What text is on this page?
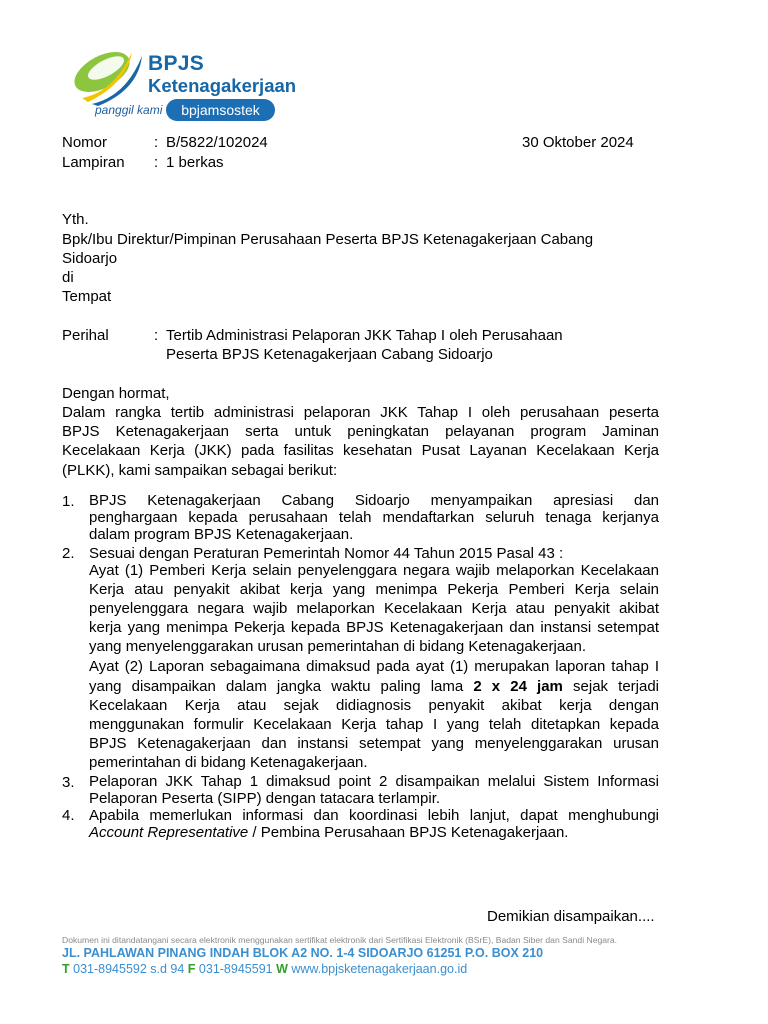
BPJS
Ketenagakerjaan
panggil kami	bpjamsostek
Nomor	: B/5822/102024	30 Oktober 2024
Lampiran : 1 berkas
Yth.
Bpk/Ibu Direktur/Pimpinan Perusahaan Peserta BPJS Ketenagakerjaan Cabang
Sidoarjo
di
Tempat
Perihal	: Tertib Administrasi Pelaporan JKK Tahap I oleh Perusahaan
Peserta BPJS Ketenagakerjaan Cabang Sidoarjo
Dengan hormat,
Dalam rangka tertib administrasi pelaporan JKK Tahap I oleh perusahaan peserta
BPJS Ketenagakerjaan serta untuk peningkatan pelayanan program Jaminan
Kecelakaan Kerja (JKK) pada fasilitas kesehatan Pusat Layanan Kecelakaan Kerja
(PLKK), kami sampaikan sebagai berikut:
1. BPJS Ketenagakerjaan Cabang Sidoarjo menyampaikan apresiasi dan
penghargaan kepada perusahaan telah mendaftarkan seluruh tenaga kerjanya
dalam program BPJS Ketenagakerjaan.
2. Sesuai dengan Peraturan Pemerintah Nomor 44 Tahun 2015 Pasal 43 :
Ayat (1) Pemberi Kerja selain penyelenggara negara wajib melaporkan Kecelakaan
Kerja atau penyakit akibat kerja yang menimpa Pekerja Pemberi Kerja selain
penyelenggara negara wajib melaporkan Kecelakaan Kerja atau penyakit akibat
kerja yang menimpa Pekerja kepada BPJS Ketenagakerjaan dan instansi setempat
yang menyelenggarakan urusan pemerintahan di bidang Ketenagakerjaan.
Ayat (2) Laporan sebagaimana dimaksud pada ayat (1) merupakan laporan tahap I
yang disampaikan dalam jangka waktu paling lama 2 x 24 jam sejak terjadi
Kecelakaan Kerja atau sejak didiagnosis penyakit akibat kerja dengan
menggunakan formulir Kecelakaan Kerja tahap I yang telah ditetapkan kepada
BPJS Ketenagakerjaan dan instansi setempat yang menyelenggarakan urusan
pemerintahan di bidang Ketenagakerjaan.
3. Pelaporan JKK Tahap 1 dimaksud point 2 disampaikan melalui Sistem Informasi
Pelaporan Peserta (SIPP) dengan tatacara terlampir.
4. Apabila memerlukan informasi dan koordinasi lebih lanjut, dapat menghubungi
Account Representative / Pembina Perusahaan BPJS Ketenagakerjaan.
Demikian disampaikan....
Dokumen ini ditandatangani secara elektronik menggunakan sertifikat elektronik dari Sertifikasi Elektronik (BSrE), Badan Siber dan Sandi Negara.
JL. PAHLAWAN PINANG INDAH BLOK A2 NO. 1-4 SIDOARJO 61251 P.O. BOX 210
T 031-8945592 s.d 94 F 031-8945591 W www.bpjsketenagakerjaan.go.id
